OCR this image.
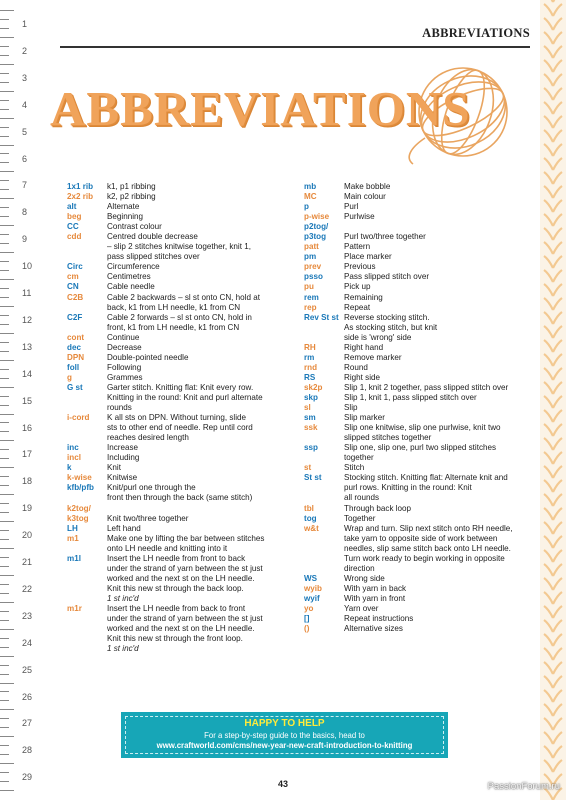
1
2
3
4
5
6
7
8
9
10
11
12
13
14
15
16
17
18
19
20
21
22
23
24
25
26
27
28
29
ABBREVIATIONS
ABBREVIATIONS
1x1 rib	k1, p1 ribbing
2x2 rib	k2, p2 ribbing
alt	Alternate
beg	Beginning
CC	Contrast colour
cdd	Centred double decrease
– slip 2 stitches knitwise together, knit 1,
pass slipped stitches over
Circ	Circumference
cm	Centimetres
CN	Cable needle
C2B	Cable 2 backwards – sl st onto CN, hold at
back, k1 from LH needle, k1 from CN
C2F	Cable 2 forwards – sl st onto CN, hold in
front, k1 from LH needle, k1 from CN
cont	Continue
dec	Decrease
DPN	Double-pointed needle
foll	Following
g	Grammes
G st	Garter stitch. Knitting flat: Knit every row.
Knitting in the round: Knit and purl alternate
rounds
i-cord	K all sts on DPN. Without turning, slide
sts to other end of needle. Rep until cord
reaches desired length
inc	Increase
incl	Including
k	Knit
k-wise	Knitwise
kfb/pfb	Knit/purl one through the
front then through the back (same stitch)
k2tog/
k3tog	Knit two/three together
LH	Left hand
m1	Make one by lifting the bar between stitches
onto LH needle and knitting into it
m1l	Insert the LH needle from front to back
under the strand of yarn between the st just
worked and the next st on the LH needle.
Knit this new st through the back loop.
1 st inc'd
m1r	Insert the LH needle from back to front
under the strand of yarn between the st just
worked and the next st on the LH needle.
Knit this new st through the front loop.
1 st inc'd
mb	Make bobble
MC	Main colour
p	Purl
p-wise	Purlwise
p2tog/
p3tog	Purl two/three together
patt	Pattern
pm	Place marker
prev	Previous
psso	Pass slipped stitch over
pu	Pick up
rem	Remaining
rep	Repeat
Rev St st Reverse stocking stitch.
As stocking stitch, but knit
side is 'wrong' side
RH	Right hand
rm	Remove marker
rnd	Round
RS	Right side
sk2p	Slip 1, knit 2 together, pass slipped stitch over
skp	Slip 1, knit 1, pass slipped stitch over
sl	Slip
sm	Slip marker
ssk	Slip one knitwise, slip one purlwise, knit two
slipped stitches together
ssp	Slip one, slip one, purl two slipped stitches
together
st	Stitch
St st	Stocking stitch. Knitting flat: Alternate knit and
purl rows. Knitting in the round: Knit
all rounds
tbl	Through back loop
tog	Together
w&t	Wrap and turn. Slip next stitch onto RH needle,
take yarn to opposite side of work between
needles, slip same stitch back onto LH needle.
Turn work ready to begin working in opposite
direction
WS	Wrong side
wyib	With yarn in back
wyif	With yarn in front
yo	Yarn over
[]	Repeat instructions
()	Alternative sizes
HAPPY TO HELP
For a step-by-step guide to the basics, head to
www.craftworld.com/cms/new-year-new-craft-introduction-to-knitting
43	PassionForum.ru
